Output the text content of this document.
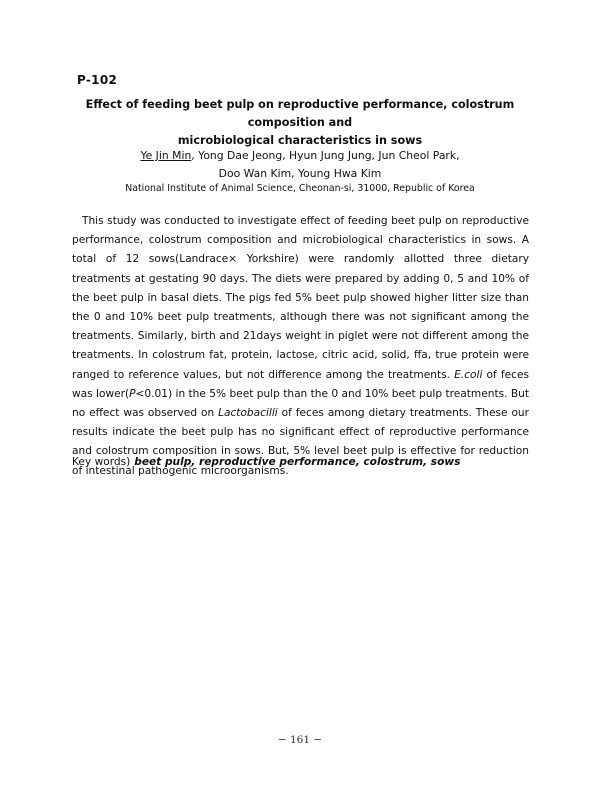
P-102
Effect of feeding beet pulp on reproductive performance, colostrum composition and
microbiological characteristics in sows
Ye Jin Min, Yong Dae Jeong, Hyun Jung Jung, Jun Cheol Park,
Doo Wan Kim, Young Hwa Kim
National Institute of Animal Science, Cheonan-si, 31000, Republic of Korea

This study was conducted to investigate effect of feeding beet pulp on reproductive performance, colostrum composition and microbiological characteristics in sows. A total of 12 sows(Landrace× Yorkshire) were randomly allotted three dietary treatments at gestating 90 days. The diets were prepared by adding 0, 5 and 10% of the beet pulp in basal diets. The pigs fed 5% beet pulp showed higher litter size than the 0 and 10% beet pulp treatments, although there was not significant among the treatments. Similarly, birth and 21days weight in piglet were not different among the treatments. In colostrum fat, protein, lactose, citric acid, solid, ffa, true protein were ranged to reference values, but not difference among the treatments. E.coli of feces was lower(P<0.01) in the 5% beet pulp than the 0 and 10% beet pulp treatments. But no effect was observed on Lactobacilli of feces among dietary treatments. These our results indicate the beet pulp has no significant effect of reproductive performance and colostrum composition in sows. But, 5% level beet pulp is effective for reduction of intestinal pathogenic microorganisms.

Key words) beet pulp, reproductive performance, colostrum, sows
− 161 −
